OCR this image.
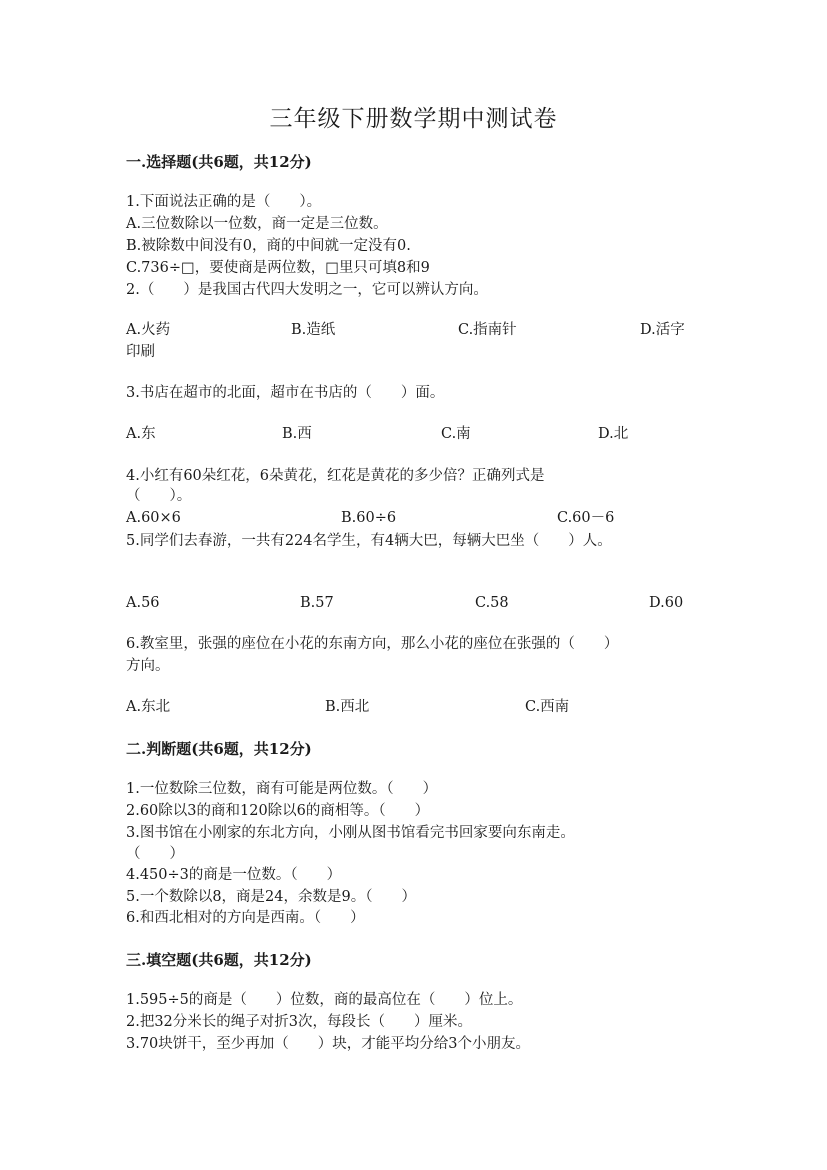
三年级下册数学期中测试卷
一.选择题(共6题，共12分)
1.下面说法正确的是（　　）。
A.三位数除以一位数，商一定是三位数。
B.被除数中间没有0，商的中间就一定没有0.
C.736÷□，要使商是两位数，□里只可填8和9
2.（　　）是我国古代四大发明之一，它可以辨认方向。
A.火药	B.造纸	C.指南针	D.活字
印刷
3.书店在超市的北面，超市在书店的（　　）面。
A.东	B.西	C.南	D.北
4.小红有60朵红花，6朵黄花，红花是黄花的多少倍？正确列式是
（　　）。
A.60×6	B.60÷6	C.60－6
5.同学们去春游，一共有224名学生，有4辆大巴，每辆大巴坐（　　）人。
A.56	B.57	C.58	D.60
6.教室里，张强的座位在小花的东南方向，那么小花的座位在张强的（　　）
方向。
A.东北	B.西北	C.西南
二.判断题(共6题，共12分)
1.一位数除三位数，商有可能是两位数。（　　）
2.60除以3的商和120除以6的商相等。（　　）
3.图书馆在小刚家的东北方向，小刚从图书馆看完书回家要向东南走。
（　　）
4.450÷3的商是一位数。（　　）
5.一个数除以8，商是24，余数是9。（　　）
6.和西北相对的方向是西南。（　　）
三.填空题(共6题，共12分)
1.595÷5的商是（　　）位数，商的最高位在（　　）位上。
2.把32分米长的绳子对折3次，每段长（　　）厘米。
3.70块饼干，至少再加（　　）块，才能平均分给3个小朋友。
